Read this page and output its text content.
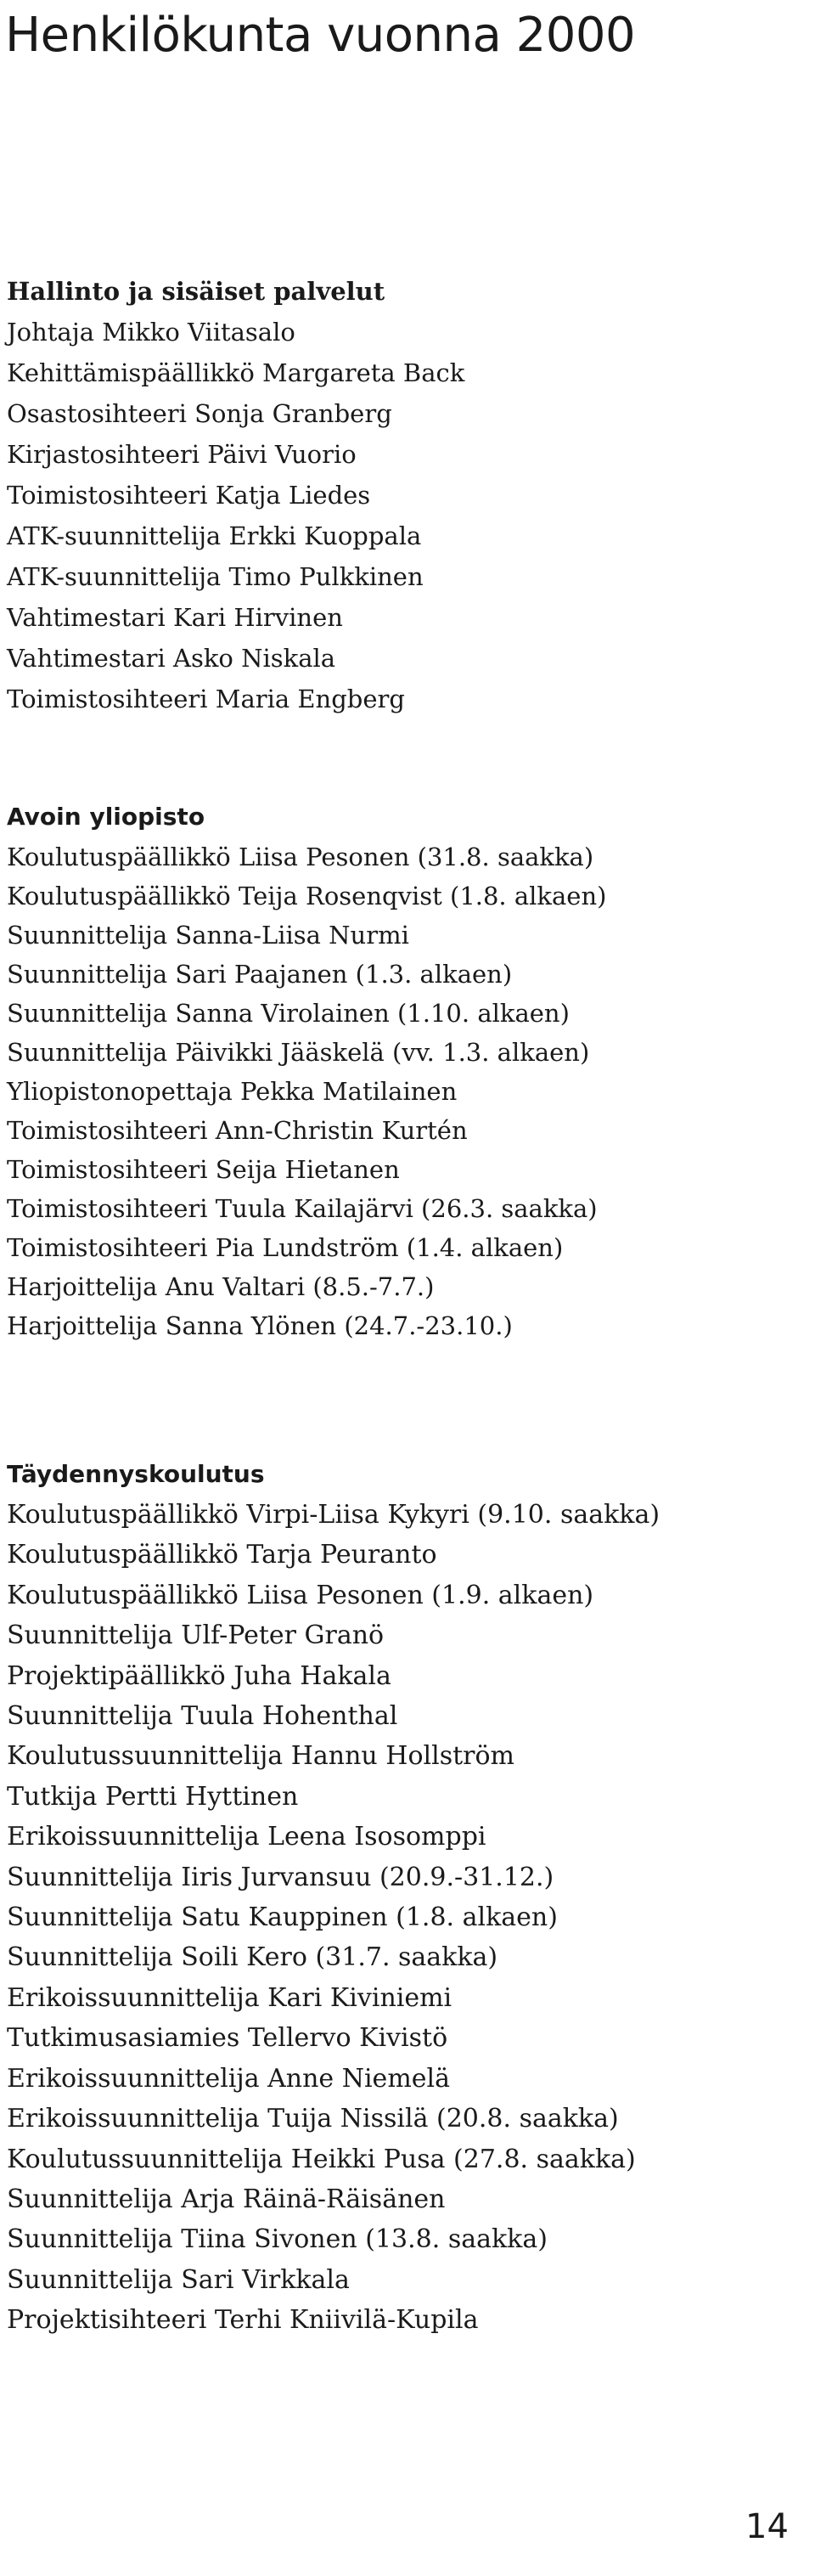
Henkilökunta vuonna 2000
Hallinto ja sisäiset palvelut
Johtaja Mikko Viitasalo
Kehittämispäällikkö Margareta Back
Osastosihteeri Sonja Granberg
Kirjastosihteeri Päivi Vuorio
Toimistosihteeri Katja Liedes
ATK-suunnittelija Erkki Kuoppala
ATK-suunnittelija Timo Pulkkinen
Vahtimestari Kari Hirvinen
Vahtimestari Asko Niskala
Toimistosihteeri Maria Engberg
Avoin yliopisto
Koulutuspäällikkö Liisa Pesonen (31.8. saakka)
Koulutuspäällikkö Teija Rosenqvist (1.8. alkaen)
Suunnittelija Sanna-Liisa Nurmi
Suunnittelija Sari Paajanen (1.3. alkaen)
Suunnittelija Sanna Virolainen (1.10. alkaen)
Suunnittelija Päivikki Jääskelä (vv. 1.3. alkaen)
Yliopistonopettaja Pekka Matilainen
Toimistosihteeri Ann-Christin Kurtén
Toimistosihteeri Seija Hietanen
Toimistosihteeri Tuula Kailajärvi (26.3. saakka)
Toimistosihteeri Pia Lundström (1.4. alkaen)
Harjoittelija Anu Valtari (8.5.-7.7.)
Harjoittelija Sanna Ylönen (24.7.-23.10.)
Täydennyskoulutus
Koulutuspäällikkö Virpi-Liisa Kykyri (9.10. saakka)
Koulutuspäällikkö Tarja Peuranto
Koulutuspäällikkö Liisa Pesonen (1.9. alkaen)
Suunnittelija Ulf-Peter Granö
Projektipäällikkö Juha Hakala
Suunnittelija Tuula Hohenthal
Koulutussuunnittelija Hannu Hollström
Tutkija Pertti Hyttinen
Erikoissuunnittelija Leena Isosomppi
Suunnittelija Iiris Jurvansuu (20.9.-31.12.)
Suunnittelija Satu Kauppinen (1.8. alkaen)
Suunnittelija Soili Kero (31.7. saakka)
Erikoissuunnittelija Kari Kiviniemi
Tutkimusasiamies Tellervo Kivistö
Erikoissuunnittelija Anne Niemelä
Erikoissuunnittelija Tuija Nissilä (20.8. saakka)
Koulutussuunnittelija Heikki Pusa (27.8. saakka)
Suunnittelija Arja Räinä-Räisänen
Suunnittelija Tiina Sivonen (13.8. saakka)
Suunnittelija Sari Virkkala
Projektisihteeri Terhi Kniivilä-Kupila
14
